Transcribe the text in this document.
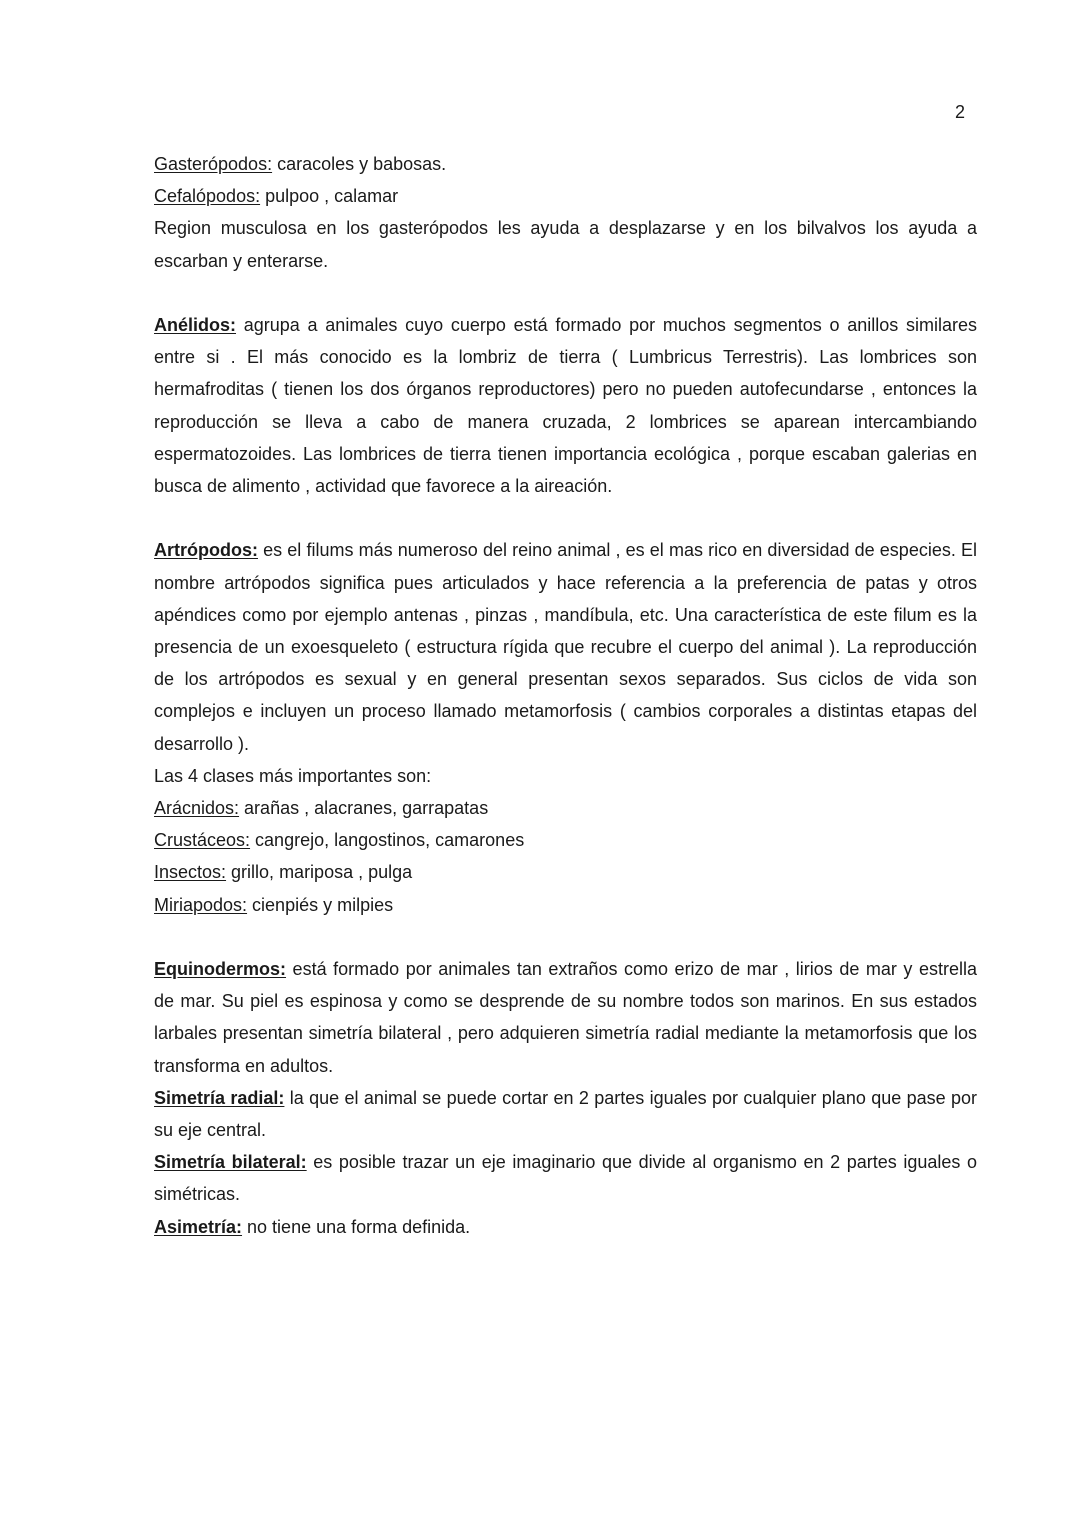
2

Gasterópodos: caracoles y babosas.

Cefalópodos: pulpoo , calamar

Region musculosa en los gasterópodos les ayuda a desplazarse y en los bilvalvos los ayuda a escarban y enterarse.

Anélidos: agrupa a animales cuyo cuerpo está formado por muchos segmentos o anillos similares entre si . El más conocido es la lombriz de tierra ( Lumbricus Terrestris). Las lombrices son hermafroditas ( tienen los dos órganos reproductores) pero no pueden autofecundarse , entonces la reproducción se lleva a cabo de manera cruzada, 2 lombrices se aparean intercambiando espermatozoides. Las lombrices de tierra tienen importancia ecológica , porque escaban galerias en busca de alimento , actividad que favorece a la aireación.

Artrópodos: es el filums más numeroso del reino animal , es el mas rico en diversidad de especies. El nombre artrópodos significa pues articulados y hace referencia a la preferencia de patas y otros apéndices como por ejemplo antenas , pinzas , mandíbula, etc. Una característica de este filum es la presencia de un exoesqueleto ( estructura rígida que recubre el cuerpo del animal ). La reproducción de los artrópodos es sexual y en general presentan sexos separados. Sus ciclos de vida son complejos e incluyen un proceso llamado metamorfosis ( cambios corporales a distintas etapas del desarrollo ).

Las 4 clases más importantes son:

Arácnidos: arañas , alacranes, garrapatas

Crustáceos: cangrejo, langostinos, camarones

Insectos: grillo, mariposa , pulga

Miriapodos: cienpiés y milpies

Equinodermos: está formado por animales tan extraños como erizo de mar , lirios de mar y estrella de mar. Su piel es espinosa y como se desprende de su nombre todos son marinos. En sus estados larbales presentan simetría bilateral , pero adquieren simetría radial mediante la metamorfosis que los transforma en adultos.

Simetría radial: la que el animal se puede cortar en 2 partes iguales por cualquier plano que pase por su eje central.

Simetría bilateral: es posible trazar un eje imaginario que divide al organismo en 2 partes iguales o simétricas.

Asimetría: no tiene una forma definida.
